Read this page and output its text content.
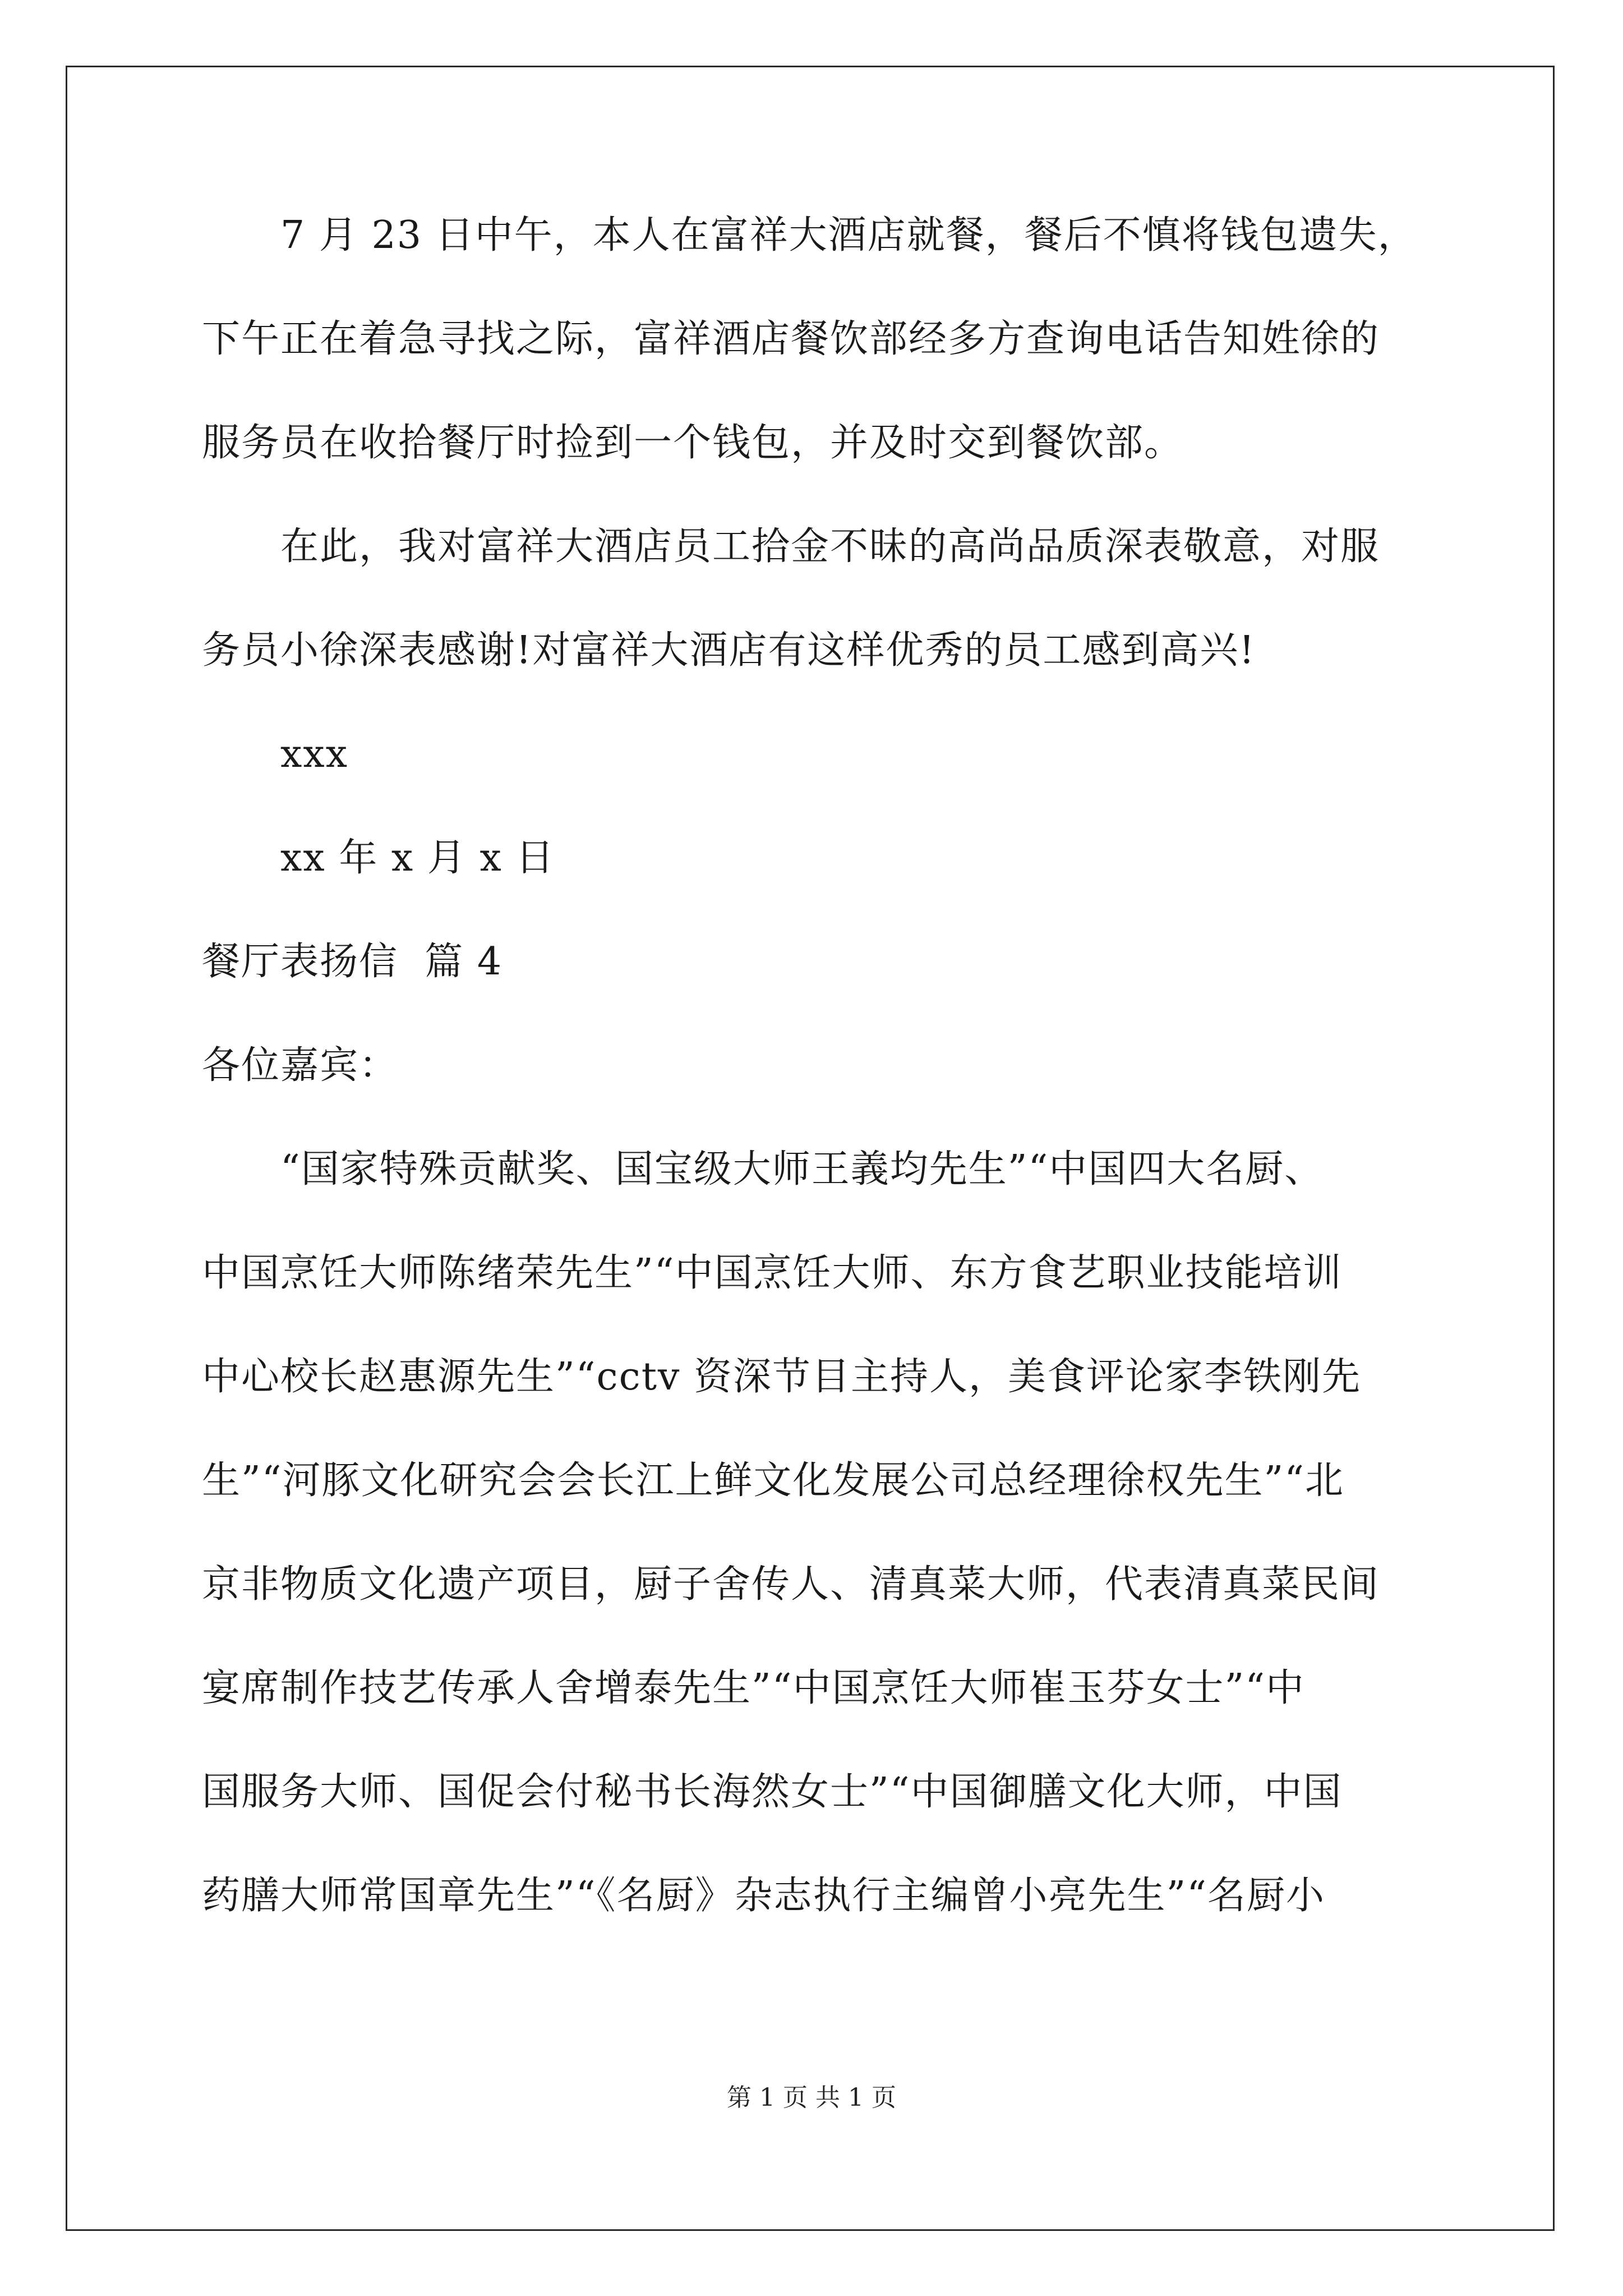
7 月 23 日中午，本人在富祥大酒店就餐，餐后不慎将钱包遗失，
下午正在着急寻找之际，富祥酒店餐饮部经多方查询电话告知姓徐的
服务员在收拾餐厅时捡到一个钱包，并及时交到餐饮部。
在此，我对富祥大酒店员工拾金不昧的高尚品质深表敬意，对服
务员小徐深表感谢!对富祥大酒店有这样优秀的员工感到高兴!
xxx
xx 年 x 月 x 日
餐厅表扬信  篇 4
各位嘉宾：
“国家特殊贡献奖、国宝级大师王義均先生”“中国四大名厨、
中国烹饪大师陈绪荣先生”“中国烹饪大师、东方食艺职业技能培训
中心校长赵惠源先生”“cctv 资深节目主持人，美食评论家李铁刚先
生”“河豚文化研究会会长江上鲜文化发展公司总经理徐权先生”“北
京非物质文化遗产项目，厨子舍传人、清真菜大师，代表清真菜民间
宴席制作技艺传承人舍增泰先生”“中国烹饪大师崔玉芬女士”“中
国服务大师、国促会付秘书长海然女士”“中国御膳文化大师，中国
药膳大师常国章先生”“《名厨》杂志执行主编曾小亮先生”“名厨小
第 1 页 共 1 页
